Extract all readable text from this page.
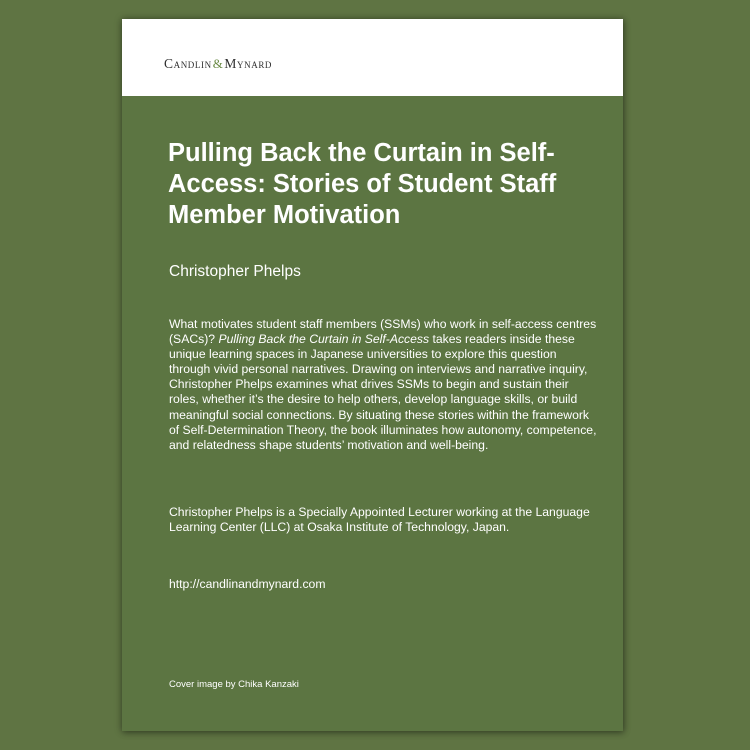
Candlin&Mynard
Pulling Back the Curtain in Self-Access: Stories of Student Staff Member Motivation
Christopher Phelps

What motivates student staff members (SSMs) who work in self-access centres (SACs)? Pulling Back the Curtain in Self-Access takes readers inside these unique learning spaces in Japanese universities to explore this question through vivid personal narratives. Drawing on interviews and narrative inquiry, Christopher Phelps examines what drives SSMs to begin and sustain their roles, whether it’s the desire to help others, develop language skills, or build meaningful social connections. By situating these stories within the framework of Self-Determination Theory, the book illuminates how autonomy, competence, and relatedness shape students’ motivation and well-being.

Christopher Phelps is a Specially Appointed Lecturer working at the Language Learning Center (LLC) at Osaka Institute of Technology, Japan.

http://candlinandmynard.com
Cover image by Chika Kanzaki
